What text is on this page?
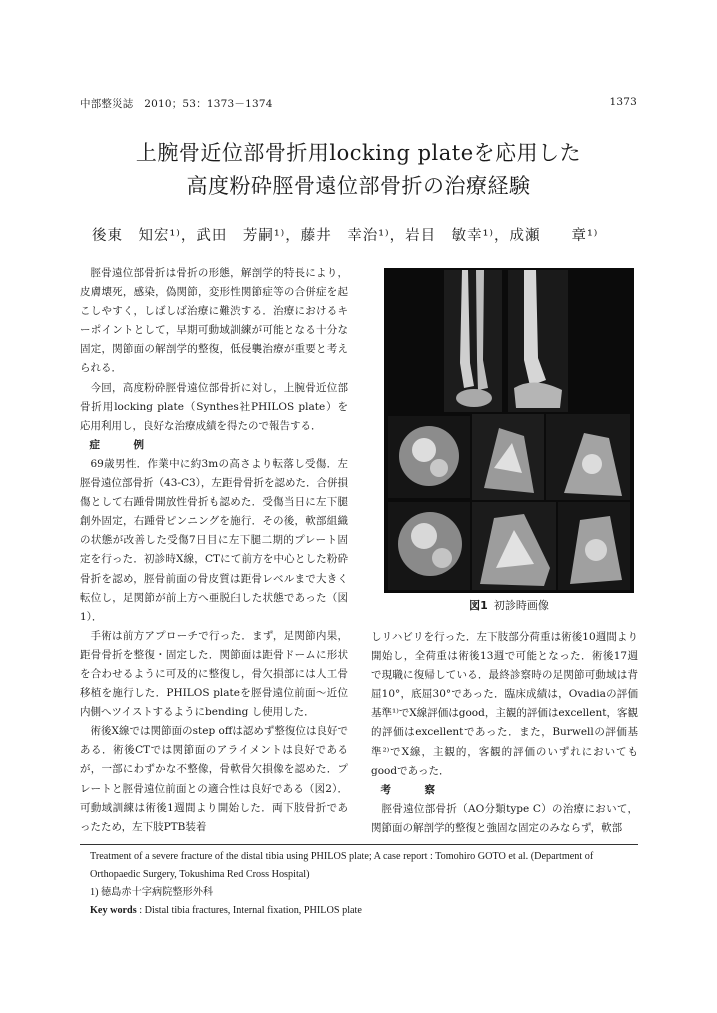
中部整災誌　2010；53：1373－1374	1373
上腕骨近位部骨折用locking plateを応用した
高度粉砕脛骨遠位部骨折の治療経験
後東　知宏¹⁾，武田　芳嗣¹⁾，藤井　幸治¹⁾，岩目　敏幸¹⁾，成瀬　　章¹⁾

脛骨遠位部骨折は骨折の形態，解剖学的特長により，皮膚壊死，感染，偽関節，変形性関節症等の合併症を起こしやすく，しばしば治療に難渋する．治療におけるキーポイントとして，早期可動域訓練が可能となる十分な固定，関節面の解剖学的整復，低侵襲治療が重要と考えられる．

今回，高度粉砕脛骨遠位部骨折に対し，上腕骨近位部骨折用locking plate（Synthes社PHILOS plate）を応用利用し，良好な治療成績を得たので報告する．

症例

69歳男性．作業中に約3mの高さより転落し受傷．左脛骨遠位部骨折（43-C3），左距骨骨折を認めた．合併損傷として右踵骨開放性骨折も認めた．受傷当日に左下腿創外固定，右踵骨ピンニングを施行．その後，軟部組織の状態が改善した受傷7日目に左下腿二期的プレート固定を行った．初診時X線，CTにて前方を中心とした粉砕骨折を認め，脛骨前面の骨皮質は距骨レベルまで大きく転位し，足関節が前上方へ亜脱臼した状態であった（図1）．

手術は前方アプローチで行った．まず，足関節内果，距骨骨折を整復・固定した．関節面は距骨ドームに形状を合わせるように可及的に整復し，骨欠損部には人工骨移植を施行した．PHILOS plateを脛骨遠位前面～近位内側へツイストするようにbending し使用した．

術後X線では関節面のstep offは認めず整復位は良好である．術後CTでは関節面のアライメントは良好であるが，一部にわずかな不整像，骨軟骨欠損像を認めた．プレートと脛骨遠位前面との適合性は良好である（図2）．可動域訓練は術後1週間より開始した．両下肢骨折であったため，左下肢PTB装着

図1 初診時画像

しリハビリを行った．左下肢部分荷重は術後10週間より開始し，全荷重は術後13週で可能となった．術後17週で現職に復帰している．最終診察時の足関節可動域は背屈10°，底屈30°であった．臨床成績は，Ovadiaの評価基準¹⁾でX線評価はgood，主観的評価はexcellent，客観的評価はexcellentであった．また，Burwellの評価基準²⁾でX線，主観的，客観的評価のいずれにおいてもgoodであった．

考察

脛骨遠位部骨折（AO分類type C）の治療において，関節面の解剖学的整復と強固な固定のみならず，軟部

Treatment of a severe fracture of the distal tibia using PHILOS plate; A case report : Tomohiro GOTO et al. (Department of Orthopaedic Surgery, Tokushima Red Cross Hospital)
1) 徳島赤十字病院整形外科
Key words : Distal tibia fractures, Internal fixation, PHILOS plate
